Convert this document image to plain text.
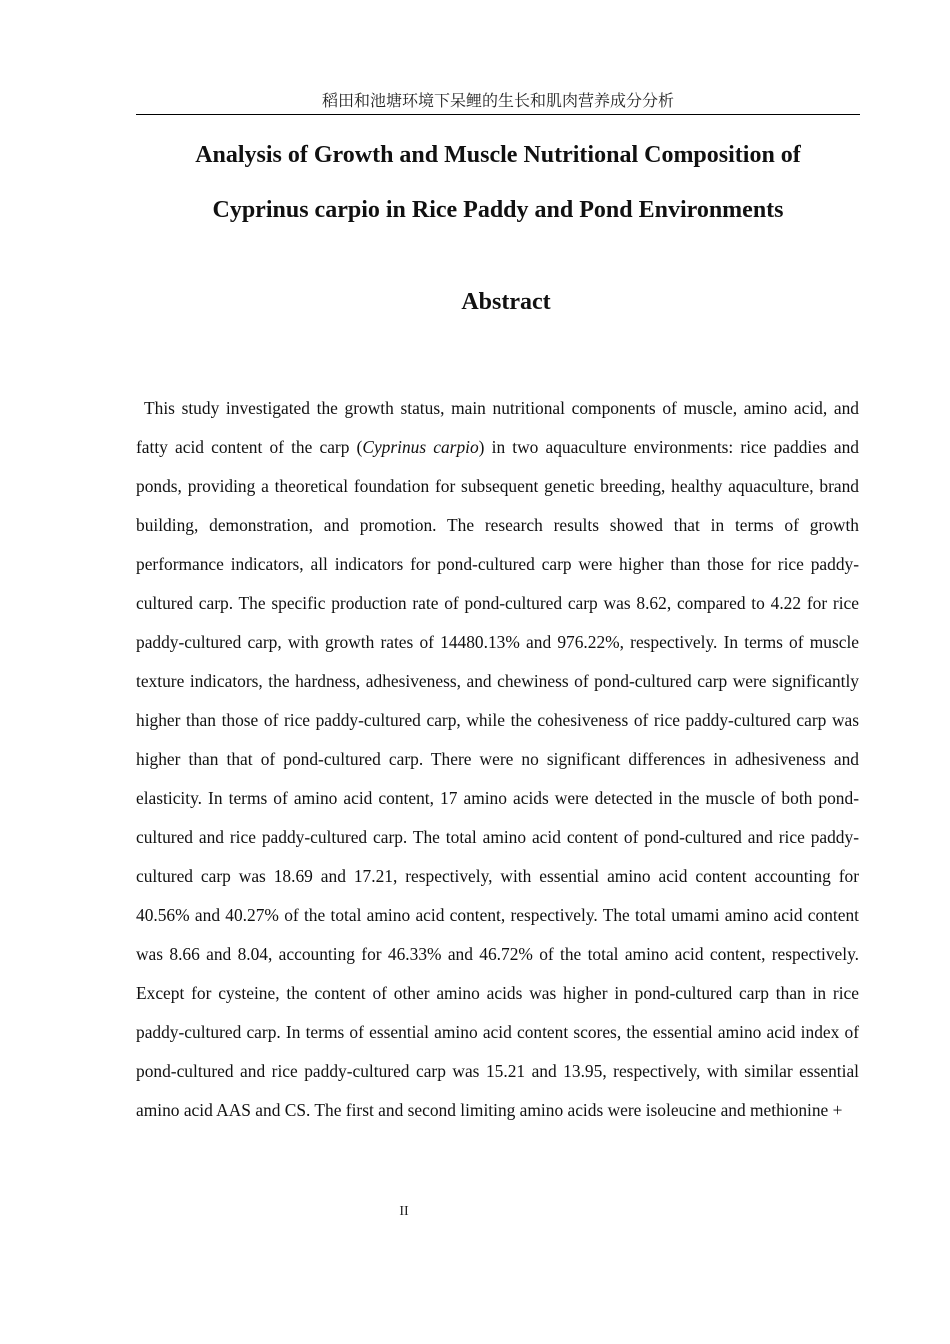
稻田和池塘环境下呆鲤的生长和肌肉营养成分分析
Analysis of Growth and Muscle Nutritional Composition of
Cyprinus carpio in Rice Paddy and Pond Environments
Abstract

This study investigated the growth status, main nutritional components of muscle, amino acid, and fatty acid content of the carp (Cyprinus carpio) in two aquaculture environments: rice paddies and ponds, providing a theoretical foundation for subsequent genetic breeding, healthy aquaculture, brand building, demonstration, and promotion. The research results showed that in terms of growth performance indicators, all indicators for pond-cultured carp were higher than those for rice paddy-cultured carp. The specific production rate of pond-cultured carp was 8.62, compared to 4.22 for rice paddy-cultured carp, with growth rates of 14480.13% and 976.22%, respectively. In terms of muscle texture indicators, the hardness, adhesiveness, and chewiness of pond-cultured carp were significantly higher than those of rice paddy-cultured carp, while the cohesiveness of rice paddy-cultured carp was higher than that of pond-cultured carp. There were no significant differences in adhesiveness and elasticity. In terms of amino acid content, 17 amino acids were detected in the muscle of both pond-cultured and rice paddy-cultured carp. The total amino acid content of pond-cultured and rice paddy-cultured carp was 18.69 and 17.21, respectively, with essential amino acid content accounting for 40.56% and 40.27% of the total amino acid content, respectively. The total umami amino acid content was 8.66 and 8.04, accounting for 46.33% and 46.72% of the total amino acid content, respectively. Except for cysteine, the content of other amino acids was higher in pond-cultured carp than in rice paddy-cultured carp. In terms of essential amino acid content scores, the essential amino acid index of pond-cultured and rice paddy-cultured carp was 15.21 and 13.95, respectively, with similar essential amino acid AAS and CS. The first and second limiting amino acids were isoleucine and methionine +

II
